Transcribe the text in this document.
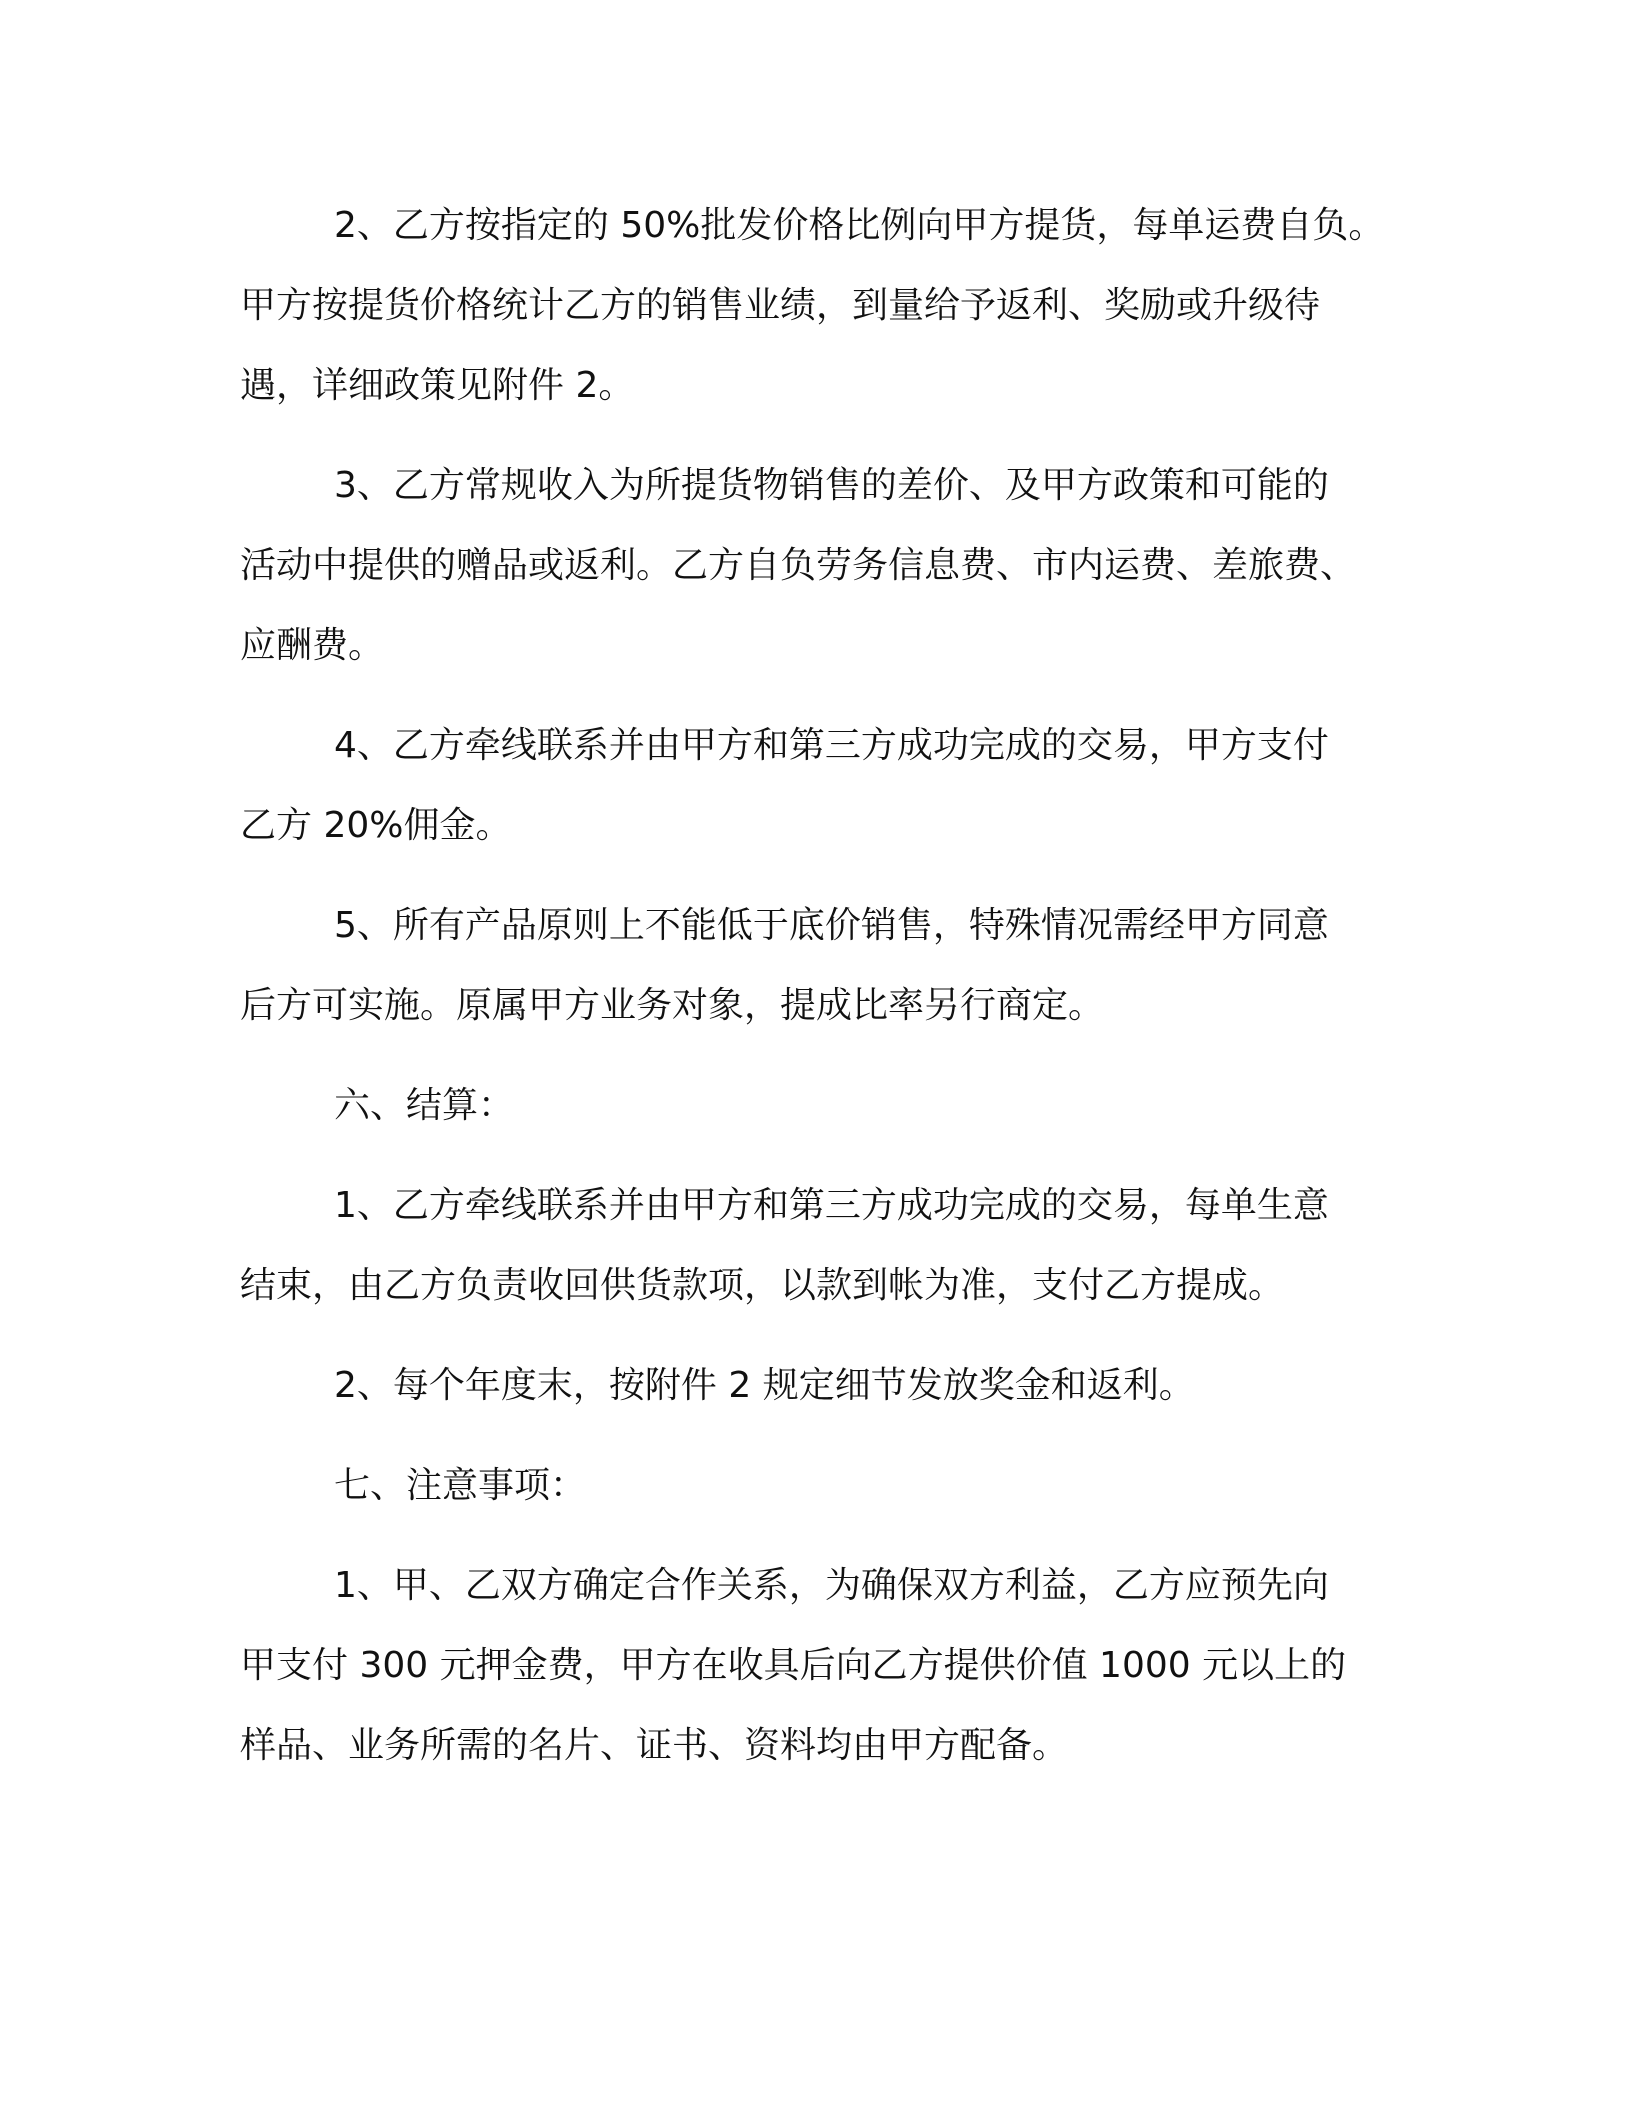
2、乙方按指定的 50%批发价格比例向甲方提货，每单运费自负。
甲方按提货价格统计乙方的销售业绩，到量给予返利、奖励或升级待
遇，详细政策见附件 2。
3、乙方常规收入为所提货物销售的差价、及甲方政策和可能的
活动中提供的赠品或返利。乙方自负劳务信息费、市内运费、差旅费、
应酬费。
4、乙方牵线联系并由甲方和第三方成功完成的交易，甲方支付
乙方 20%佣金。
5、所有产品原则上不能低于底价销售，特殊情况需经甲方同意
后方可实施。原属甲方业务对象，提成比率另行商定。
六、结算：
1、乙方牵线联系并由甲方和第三方成功完成的交易，每单生意
结束，由乙方负责收回供货款项，以款到帐为准，支付乙方提成。
2、每个年度末，按附件 2 规定细节发放奖金和返利。
七、注意事项：
1、甲、乙双方确定合作关系，为确保双方利益，乙方应预先向
甲支付 300 元押金费，甲方在收具后向乙方提供价值 1000 元以上的
样品、业务所需的名片、证书、资料均由甲方配备。
